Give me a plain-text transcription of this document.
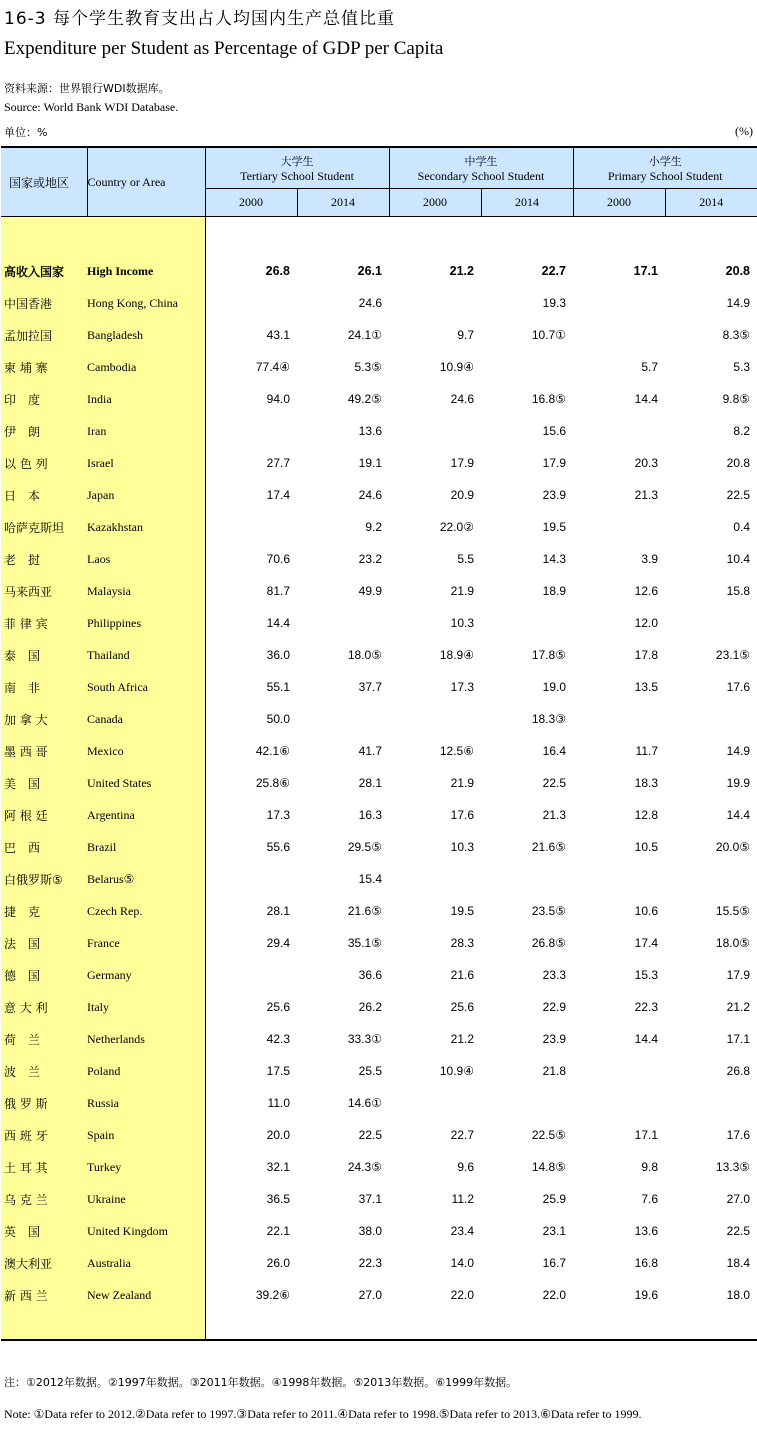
16-3 每个学生教育支出占人均国内生产总值比重
Expenditure per Student as Percentage of GDP per Capita
资料来源：世界银行WDI数据库。
Source: World Bank WDI Database.
单位：%	(%)
国家或地区	Country or Area	大学生
Tertiary School Student		中学生
Secondary School Student		小学生
Primary School Student	

		2000	2014	2000	2014	2000	2014

高收入国家	High Income	26.8	26.1	21.2	22.7	17.1	20.8
中国香港	Hong Kong, China		24.6		19.3		14.9
孟加拉国	Bangladesh	43.1	24.1①	9.7	10.7①		8.3⑤
柬 埔 寨	Cambodia	77.4④	5.3⑤	10.9④		5.7	5.3
印　度	India	94.0	49.2⑤	24.6	16.8⑤	14.4	9.8⑤
伊　朗	Iran		13.6		15.6		8.2
以 色 列	Israel	27.7	19.1	17.9	17.9	20.3	20.8
日　本	Japan	17.4	24.6	20.9	23.9	21.3	22.5
哈萨克斯坦	Kazakhstan		9.2	22.0②	19.5		0.4
老　挝	Laos	70.6	23.2	5.5	14.3	3.9	10.4
马来西亚	Malaysia	81.7	49.9	21.9	18.9	12.6	15.8
菲 律 宾	Philippines	14.4		10.3		12.0	
泰　国	Thailand	36.0	18.0⑤	18.9④	17.8⑤	17.8	23.1⑤
南　非	South Africa	55.1	37.7	17.3	19.0	13.5	17.6
加 拿 大	Canada	50.0			18.3③		
墨 西 哥	Mexico	42.1⑥	41.7	12.5⑥	16.4	11.7	14.9
美　国	United States	25.8⑥	28.1	21.9	22.5	18.3	19.9
阿 根 廷	Argentina	17.3	16.3	17.6	21.3	12.8	14.4
巴　西	Brazil	55.6	29.5⑤	10.3	21.6⑤	10.5	20.0⑤
白俄罗斯⑤	Belarus⑤		15.4				
捷　克	Czech Rep.	28.1	21.6⑤	19.5	23.5⑤	10.6	15.5⑤
法　国	France	29.4	35.1⑤	28.3	26.8⑤	17.4	18.0⑤
德　国	Germany		36.6	21.6	23.3	15.3	17.9
意 大 利	Italy	25.6	26.2	25.6	22.9	22.3	21.2
荷　兰	Netherlands	42.3	33.3①	21.2	23.9	14.4	17.1
波　兰	Poland	17.5	25.5	10.9④	21.8		26.8
俄 罗 斯	Russia	11.0	14.6①				
西 班 牙	Spain	20.0	22.5	22.7	22.5⑤	17.1	17.6
土 耳 其	Turkey	32.1	24.3⑤	9.6	14.8⑤	9.8	13.3⑤
乌 克 兰	Ukraine	36.5	37.1	11.2	25.9	7.6	27.0
英　国	United Kingdom	22.1	38.0	23.4	23.1	13.6	22.5
澳大利亚	Australia	26.0	22.3	14.0	16.7	16.8	18.4
新 西 兰	New Zealand	39.2⑥	27.0	22.0	22.0	19.6	18.0

注：①2012年数据。②1997年数据。③2011年数据。④1998年数据。⑤2013年数据。⑥1999年数据。
Note: ①Data refer to 2012.②Data refer to 1997.③Data refer to 2011.④Data refer to 1998.⑤Data refer to 2013.⑥Data refer to 1999.
